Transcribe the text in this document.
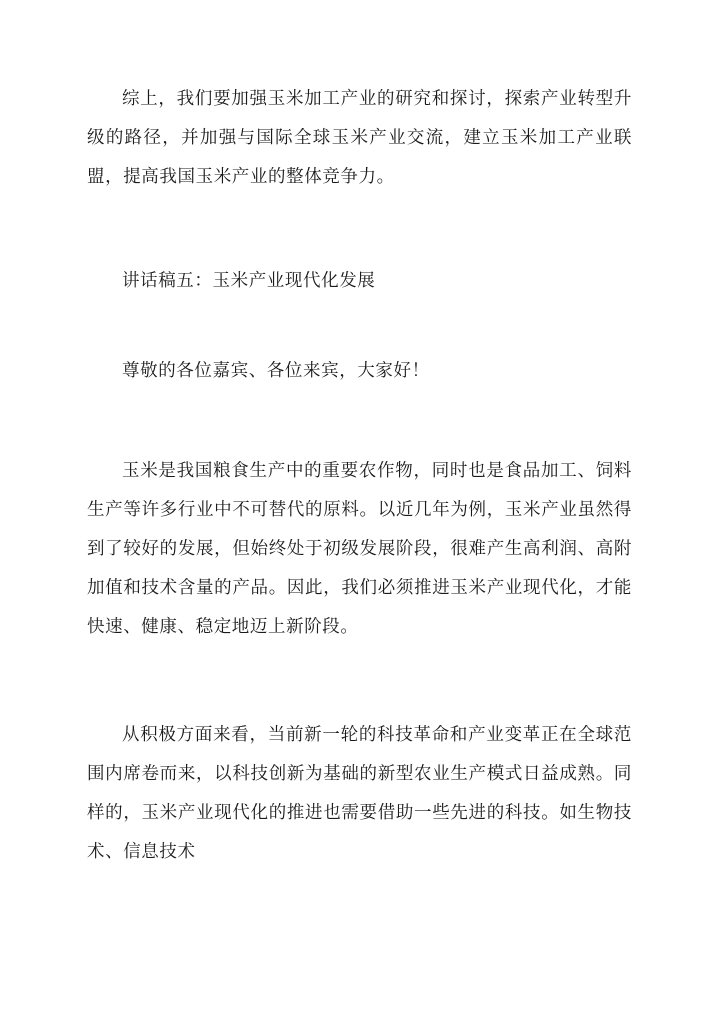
综上，我们要加强玉米加工产业的研究和探讨，探索产业转型升级的路径，并加强与国际全球玉米产业交流，建立玉米加工产业联盟，提高我国玉米产业的整体竞争力。

讲话稿五：玉米产业现代化发展

尊敬的各位嘉宾、各位来宾，大家好！

玉米是我国粮食生产中的重要农作物，同时也是食品加工、饲料生产等许多行业中不可替代的原料。以近几年为例，玉米产业虽然得到了较好的发展，但始终处于初级发展阶段，很难产生高利润、高附加值和技术含量的产品。因此，我们必须推进玉米产业现代化，才能快速、健康、稳定地迈上新阶段。

从积极方面来看，当前新一轮的科技革命和产业变革正在全球范围内席卷而来，以科技创新为基础的新型农业生产模式日益成熟。同样的，玉米产业现代化的推进也需要借助一些先进的科技。如生物技术、信息技术
